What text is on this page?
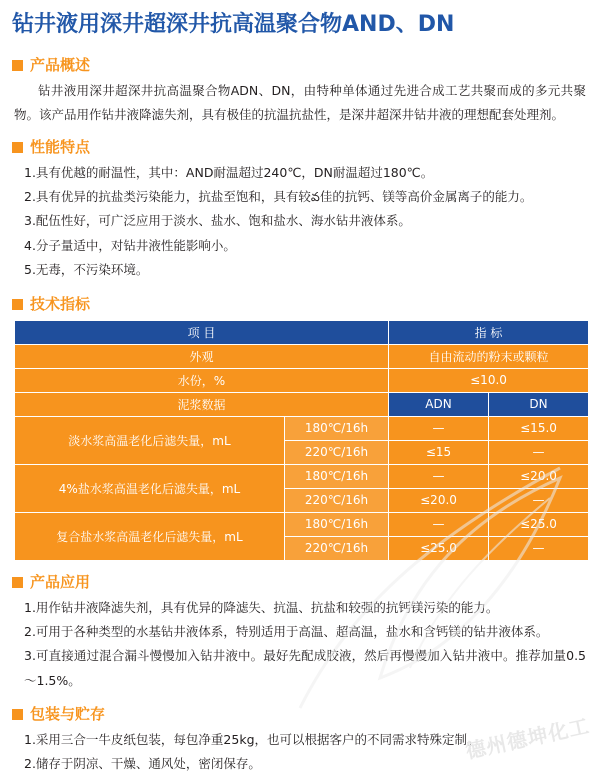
德州德坤化工
钻井液用深井超深井抗高温聚合物AND、DN
产品概述

钻井液用深井超深井抗高温聚合物ADN、DN，由特种单体通过先进合成工艺共聚而成的多元共聚物。该产品用作钻井液降滤失剂，具有极佳的抗温抗盐性，是深井超深井钻井液的理想配套处理剂。

性能特点
1.具有优越的耐温性，其中：AND耐温超过240℃，DN耐温超过180℃。
2.具有优异的抗盐类污染能力，抗盐至饱和，具有较వ佳的抗钙、镁等高价金属离子的能力。
3.配伍性好，可广泛应用于淡水、盐水、饱和盐水、海水钻井液体系。
4.分子量适中，对钻井液性能影响小。
5.无毒，不污染环境。
技术指标
项 目		指 标	
外观		自由流动的粉末或颗粒	
水份，%		≤10.0	
泥浆数据		ADN	DN
淡水浆高温老化后滤失量，mL	180℃/16h	—	≤15.0
	220℃/16h	≤15	—
4%盐水浆高温老化后滤失量，mL	180℃/16h	—	≤20.0
	220℃/16h	≤20.0	—
复合盐水浆高温老化后滤失量，mL	180℃/16h	—	≤25.0
	220℃/16h	≤25.0	—
产品应用
1.用作钻井液降滤失剂，具有优异的降滤失、抗温、抗盐和较强的抗钙镁污染的能力。
2.可用于各种类型的水基钻井液体系，特别适用于高温、超高温，盐水和含钙镁的钻井液体系。
3.可直接通过混合漏斗慢慢加入钻井液中。最好先配成胶液，然后再慢慢加入钻井液中。推荐加量0.5～1.5%。
包装与贮存
1.采用三合一牛皮纸包装，每包净重25kg，也可以根据客户的不同需求特殊定制。
2.储存于阴凉、干燥、通风处，密闭保存。
